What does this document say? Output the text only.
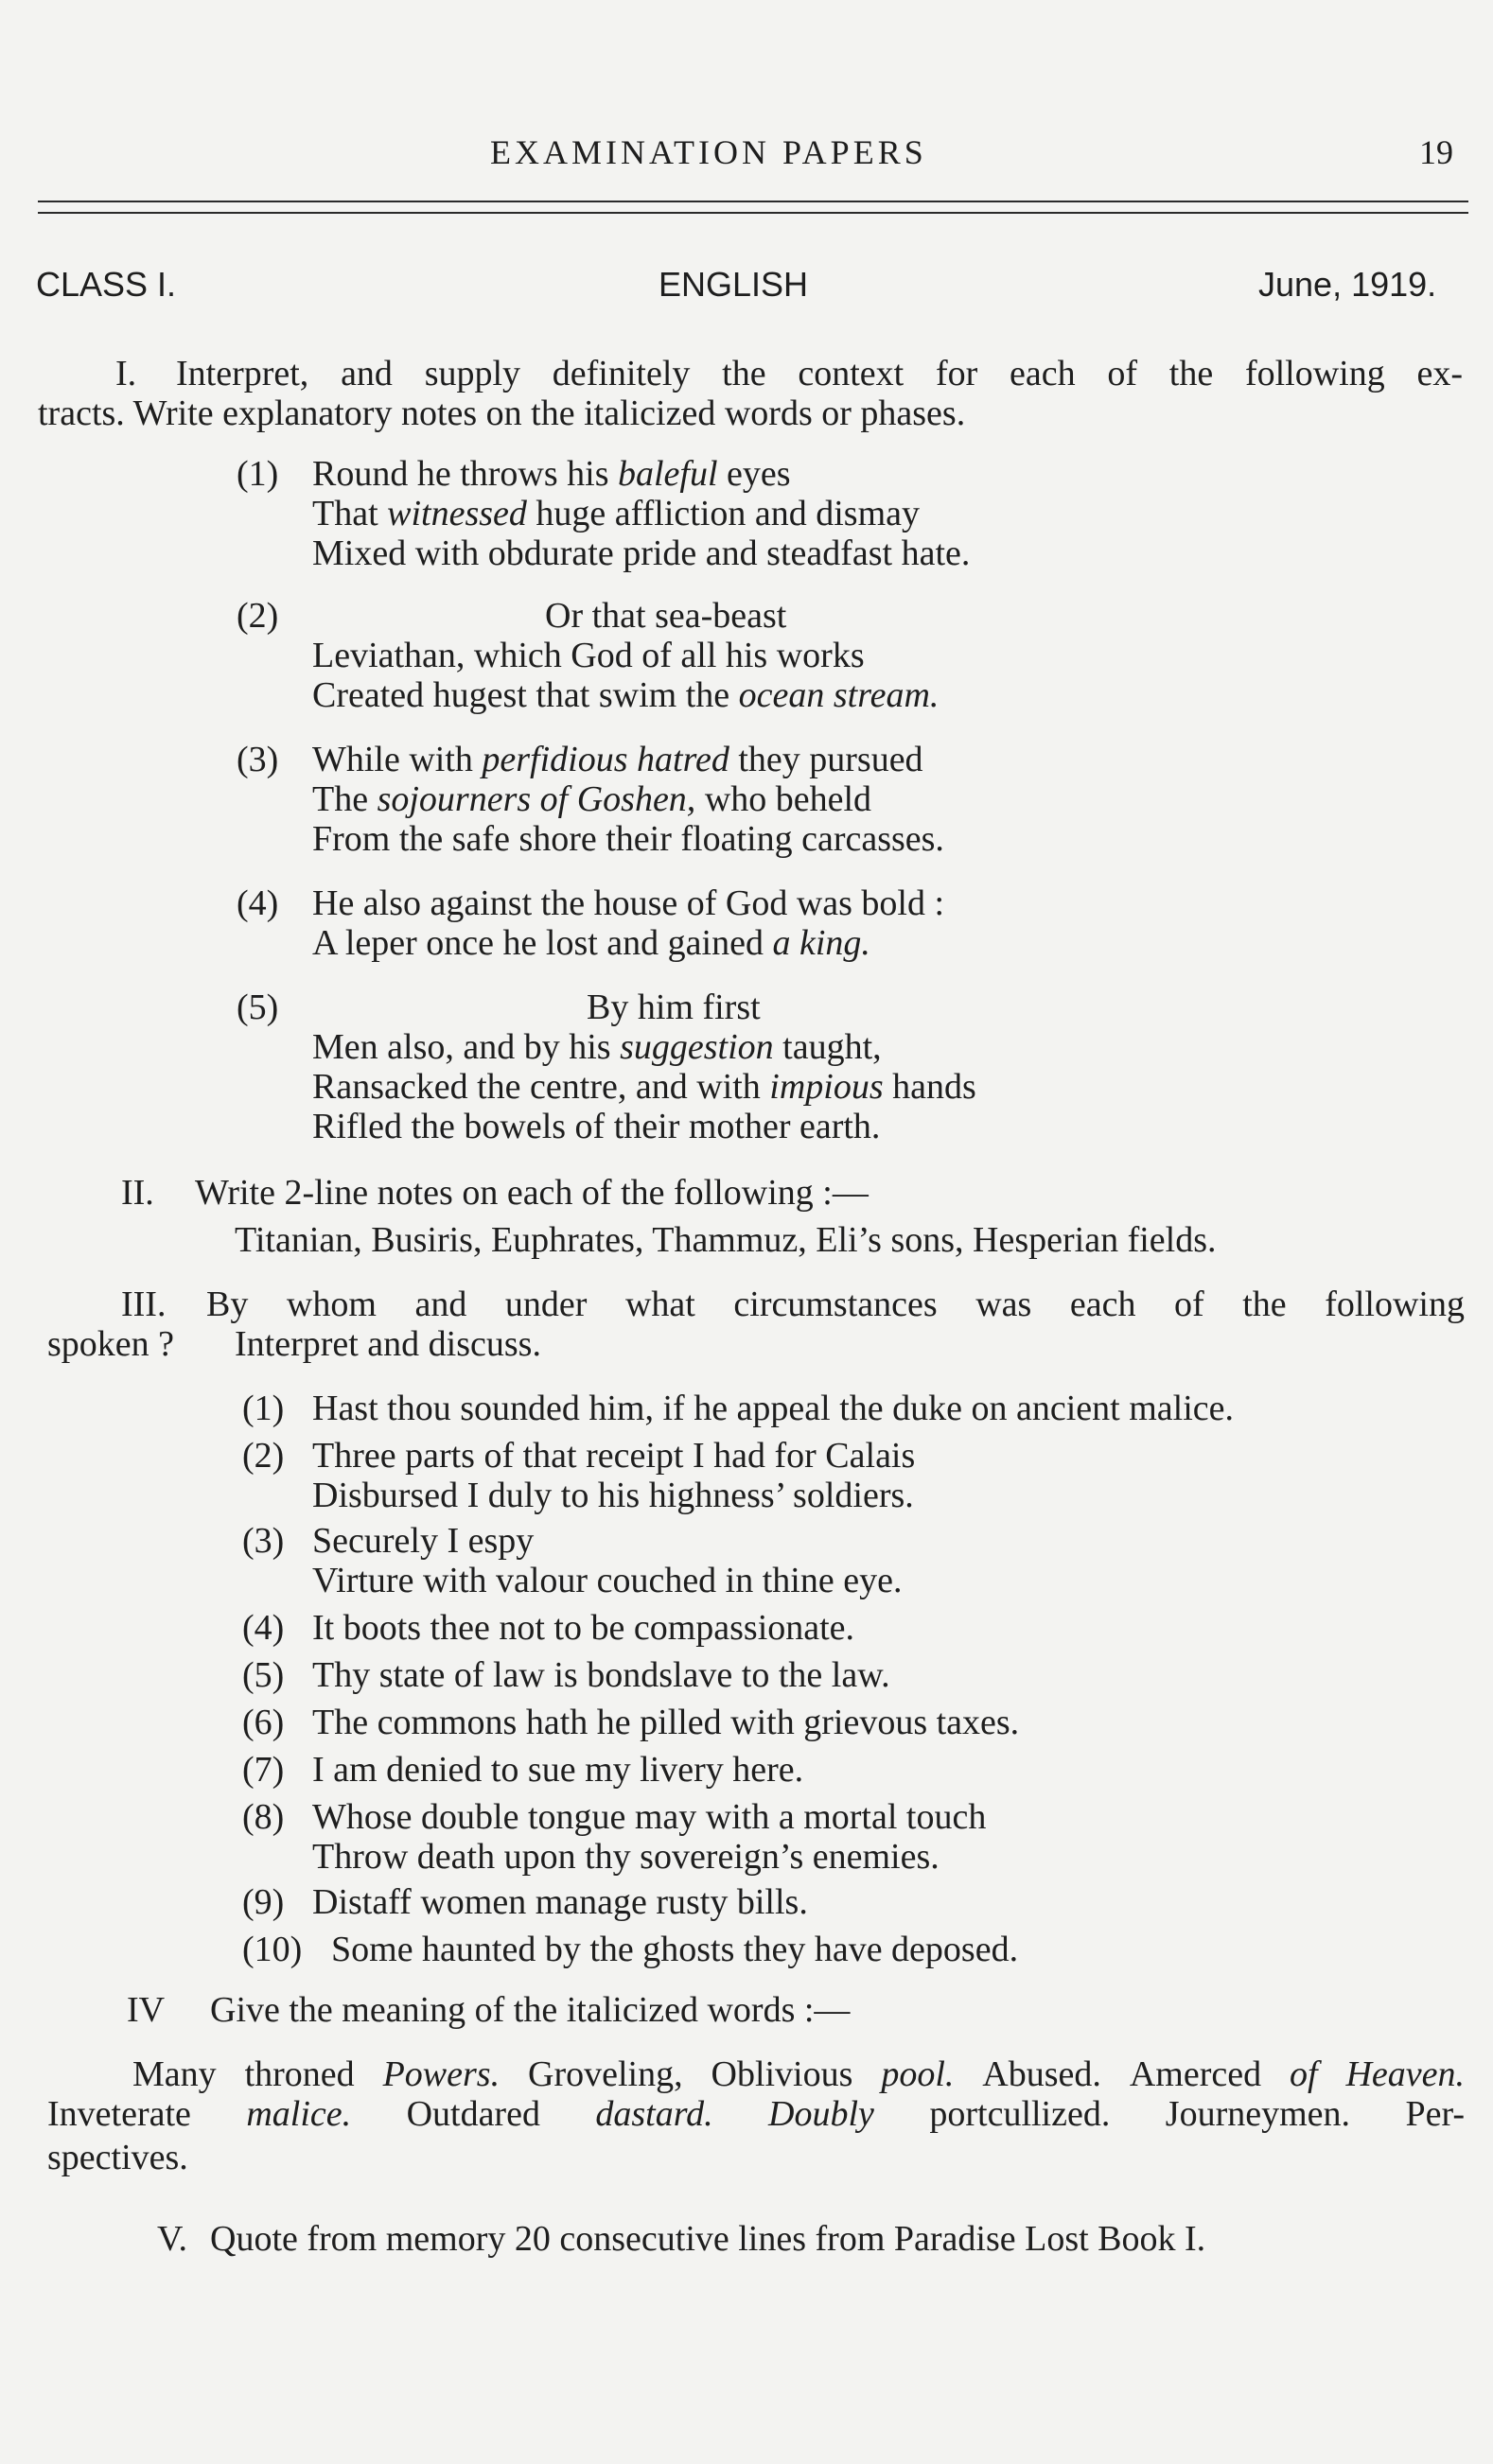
EXAMINATION PAPERS	19
CLASS I.	ENGLISH	June, 1919.
I. Interpret, and supply definitely the context for each of the following ex-
tracts. Write explanatory notes on the italicized words or phases.
(1) Round he throws his baleful eyes
That witnessed huge affliction and dismay
Mixed with obdurate pride and steadfast hate.
(2)	Or that sea-beast
Leviathan, which God of all his works
Created hugest that swim the ocean stream.
(3) While with perfidious hatred they pursued
The sojourners of Goshen, who beheld
From the safe shore their floating carcasses.
(4) He also against the house of God was bold :
A leper once he lost and gained a king.
(5)	By him first
Men also, and by his suggestion taught,
Ransacked the centre, and with impious hands
Rifled the bowels of their mother earth.
II. Write 2-line notes on each of the following :—
Titanian, Busiris, Euphrates, Thammuz, Eli’s sons, Hesperian fields.
III. By whom and under what circumstances was each of the following
spoken ? Interpret and discuss.
(1) Hast thou sounded him, if he appeal the duke on ancient malice.
(2) Three parts of that receipt I had for Calais
Disbursed I duly to his highness’ soldiers.
(3) Securely I espy
Virture with valour couched in thine eye.
(4) It boots thee not to be compassionate.
(5) Thy state of law is bondslave to the law.
(6) The commons hath he pilled with grievous taxes.
(7) I am denied to sue my livery here.
(8) Whose double tongue may with a mortal touch
Throw death upon thy sovereign’s enemies.
(9) Distaff women manage rusty bills.
(10) Some haunted by the ghosts they have deposed.
IV Give the meaning of the italicized words :—
Many throned Powers. Groveling, Oblivious pool. Abused. Amerced of Heaven.
Inveterate malice. Outdared dastard. Doubly portcullized. Journeymen. Per-
spectives.
V. Quote from memory 20 consecutive lines from Paradise Lost Book I.
